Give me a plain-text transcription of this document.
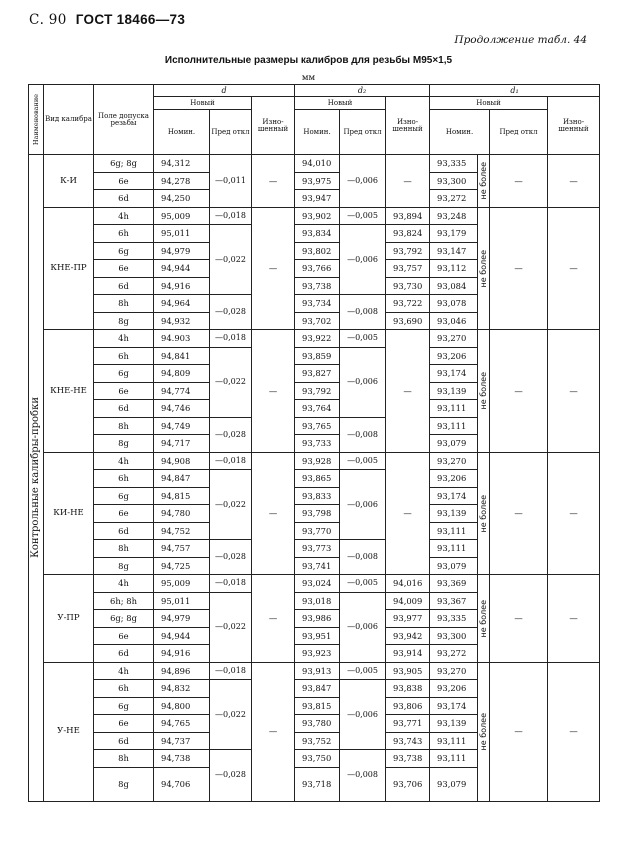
С. 90 ГОСТ 18466—73
Продолжение табл. 44
Исполнительные размеры калибров для резьбы М95×1,5
мм
Наименование	Вид калибра	Поле допуска резьбы	d			d₂			d₁			
			Новый		Изно-шенный	Новый		Изно-шенный	Новый			Изно-шенный
			Номин.	Пред откл		Номин.	Пред откл		Номин.		Пред откл	

Контрольные калибры-пробки	К-И	6g; 8g	94,312	—0,011	—	94,010	—0,006	—	93,335	не более	—	—
		6e	94,278			93,975			93,300			
		6d	94,250			93,947			93,272			
	КНЕ-ПР	4h	95,009	—0,018	—	93,902	—0,005	93,894	93,248	не более	—	—
		6h	95,011	—0,022		93,834	—0,006	93,824	93,179			
		6g	94,979			93,802		93,792	93,147			
		6e	94,944			93,766		93,757	93,112			
		6d	94,916			93,738		93,730	93,084			
		8h	94,964	—0,028		93,734	—0,008	93,722	93,078			
		8g	94,932			93,702		93,690	93,046			
	КНЕ-НЕ	4h	94.903	—0,018	—	93,922	—0,005	—	93,270	не более	—	—
		6h	94,841	—0,022		93,859	—0,006		93,206			
		6g	94,809			93,827			93,174			
		6e	94,774			93,792			93,139			
		6d	94,746			93,764			93,111			
		8h	94,749	—0,028		93,765	—0,008		93,111			
		8g	94,717			93,733			93,079			
	КИ-НЕ	4h	94,908	—0,018	—	93,928	—0,005	—	93,270	не более	—	—
		6h	94,847	—0,022		93,865	—0,006		93,206			
		6g	94,815			93,833			93,174			
		6e	94,780			93,798			93,139			
		6d	94,752			93,770			93,111			
		8h	94,757	—0,028		93,773	—0,008		93,111			
		8g	94,725			93,741			93,079			
	У-ПР	4h	95,009	—0,018	—	93,024	—0,005	94,016	93,369	не более	—	—
		6h; 8h	95,011	—0,022		93,018	—0,006	94,009	93,367			
		6g; 8g	94,979			93,986		93,977	93,335			
		6e	94,944			93,951		93,942	93,300			
		6d	94,916			93,923		93,914	93,272			
	У-НЕ	4h	94,896	—0,018	—	93,913	—0,005	93,905	93,270	не более	—	—
		6h	94,832	—0,022		93,847	—0,006	93,838	93,206			
		6g	94,800			93,815		93,806	93,174			
		6e	94,765			93,780		93,771	93,139			
		6d	94,737			93,752		93,743	93,111			
		8h	94,738	—0,028		93,750	—0,008	93,738	93,111			
		8g	94,706			93,718		93,706	93,079			
